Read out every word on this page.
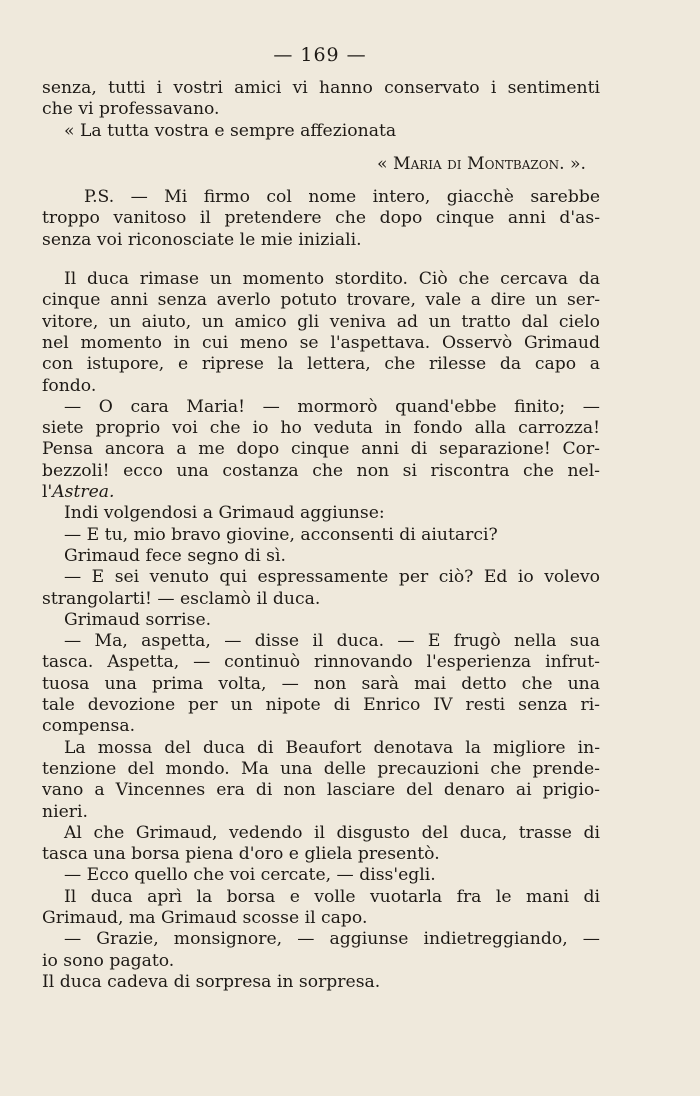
— 169 —
senza, tutti i vostri amici vi hanno conservato i sentimenti
che vi professavano.
« La tutta vostra e sempre affezionata
« Maria di Montbazon. ».
P.S. — Mi firmo col nome intero, giacchè sarebbe
troppo vanitoso il pretendere che dopo cinque anni d'as-
senza voi riconosciate le mie iniziali.
Il duca rimase un momento stordito. Ciò che cercava da
cinque anni senza averlo potuto trovare, vale a dire un ser-
vitore, un aiuto, un amico gli veniva ad un tratto dal cielo
nel momento in cui meno se l'aspettava. Osservò Grimaud
con istupore, e riprese la lettera, che rilesse da capo a
fondo.
— O cara Maria! — mormorò quand'ebbe finito; —
siete proprio voi che io ho veduta in fondo alla carrozza!
Pensa ancora a me dopo cinque anni di separazione! Cor-
bezzoli! ecco una costanza che non si riscontra che nel-
l'Astrea.
Indi volgendosi a Grimaud aggiunse:
— E tu, mio bravo giovine, acconsenti di aiutarci?
Grimaud fece segno di sì.
— E sei venuto qui espressamente per ciò? Ed io volevo
strangolarti! — esclamò il duca.
Grimaud sorrise.
— Ma, aspetta, — disse il duca. — E frugò nella sua
tasca. Aspetta, — continuò rinnovando l'esperienza infrut-
tuosa una prima volta, — non sarà mai detto che una
tale devozione per un nipote di Enrico IV resti senza ri-
compensa.
La mossa del duca di Beaufort denotava la migliore in-
tenzione del mondo. Ma una delle precauzioni che prende-
vano a Vincennes era di non lasciare del denaro ai prigio-
nieri.
Al che Grimaud, vedendo il disgusto del duca, trasse di
tasca una borsa piena d'oro e gliela presentò.
— Ecco quello che voi cercate, — diss'egli.
Il duca aprì la borsa e volle vuotarla fra le mani di
Grimaud, ma Grimaud scosse il capo.
— Grazie, monsignore, — aggiunse indietreggiando, —
io sono pagato.
Il duca cadeva di sorpresa in sorpresa.
